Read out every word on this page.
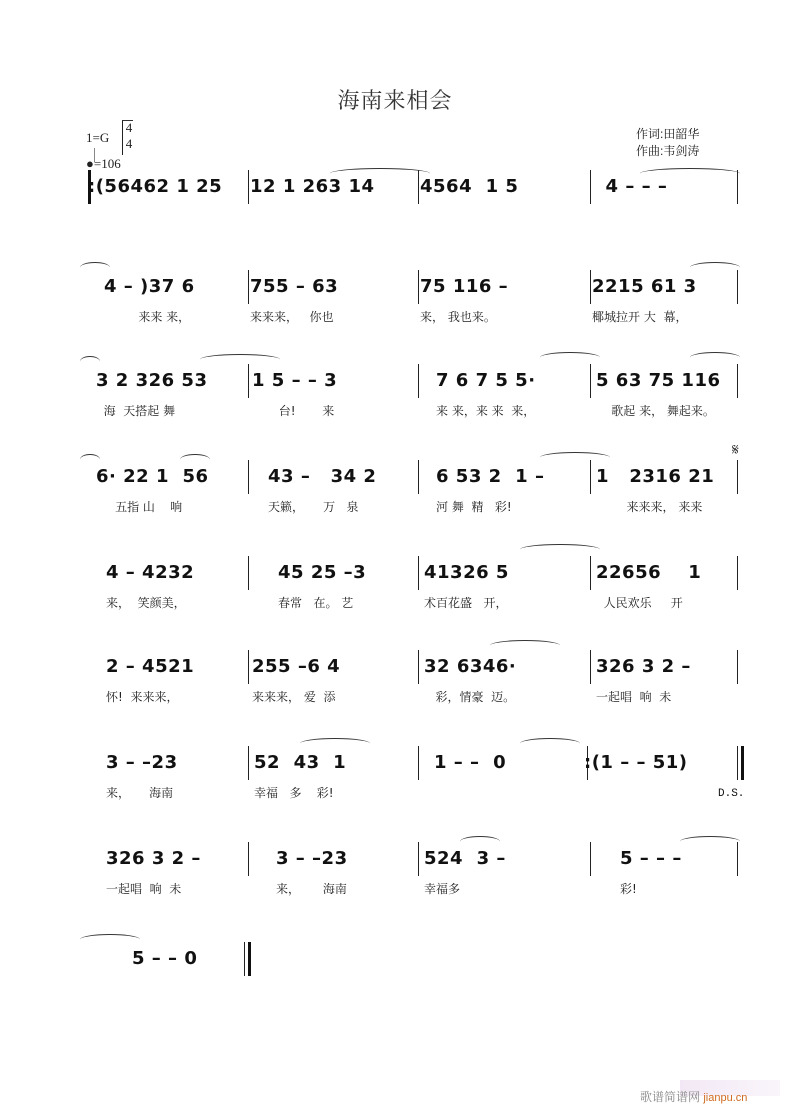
海南来相会
1=G
4
4
●=106
作词:田韶华
作曲:韦剑涛
:(56462 1 25 12 1 263 14	4564  1 5	4 – – –
4 – )37 6
来来 来，
755 – 63
来来来，   你也
75 116 –
来， 我也来。
2215 61 3
椰城拉开 大  幕，
3 2 326 53
海  天搭起 舞
1 5 – – 3
台!       来
7 6 7 5 5·
来 来，来 来  来，
5 63 75 116
歌起 来， 舞起来。
6· 22 1  56
五指 山    响
43 –   34 2
天籁，     万   泉
6 53 2  1 –
河 舞  精   彩!
1   2316 21
来来来， 来来
4 – 4232
来，  笑颜美，
45 25 –3
春常   在。 艺
41326 5
术百花盛   开，
22656    1
人民欢乐     开
2 – 4521
怀!  来来来，
255 –6 4
来来来， 爱  添
32 6346·
彩，情豪  迈。
326 3 2 –
一起唱  响  未
3 – –23
来，     海南
52  43  1
幸福   多    彩!
1 – –  0	:(1 – – 51)
326 3 2 –
一起唱  响  未
3 – –23
来，      海南
524  3 –
幸福多
5 – – –
彩!
5 – – 0
𝄋
D.S.
歌谱简谱网 jianpu.cn
